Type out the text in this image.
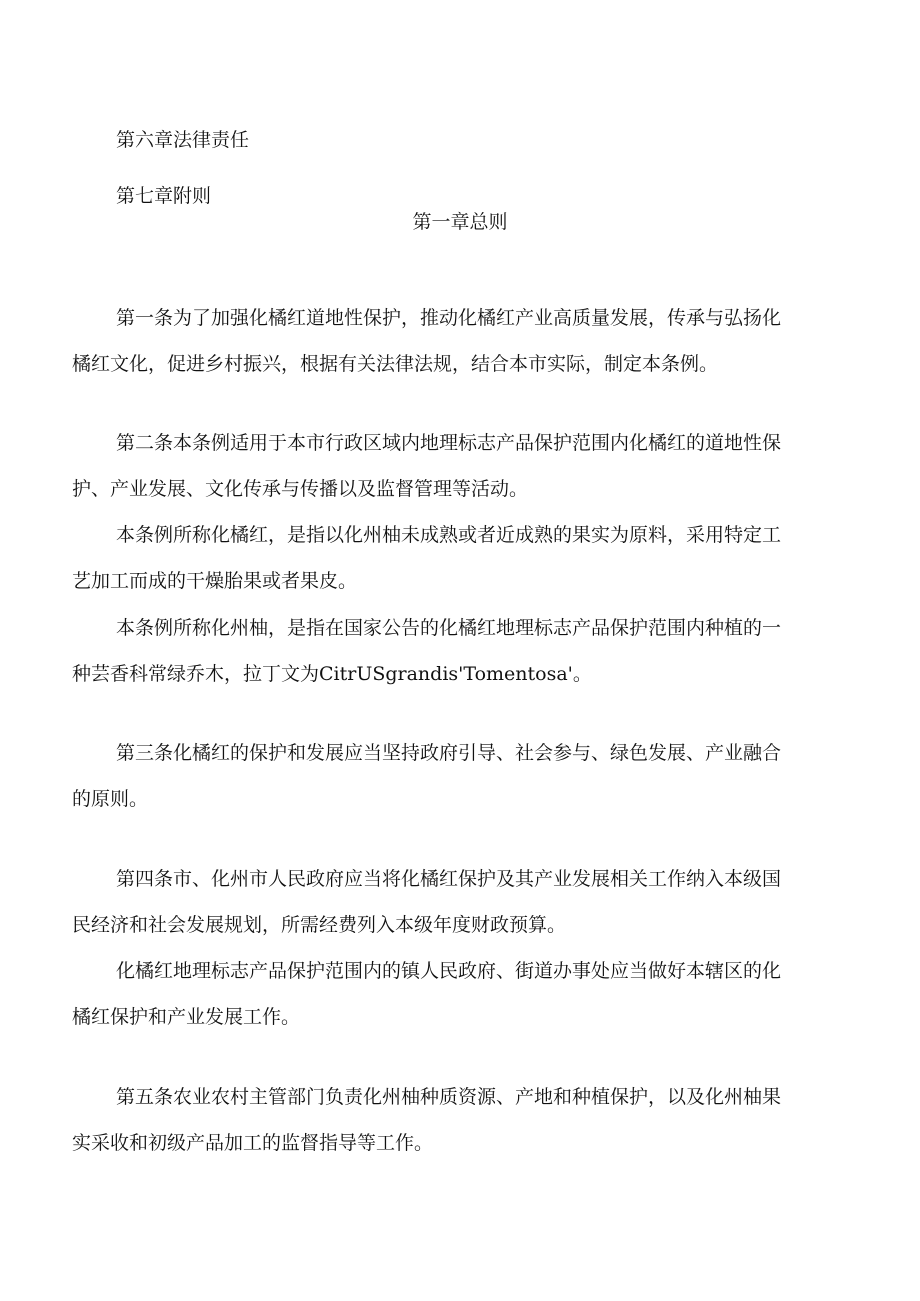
第六章法律责任
第七章附则
第一章总则
第一条为了加强化橘红道地性保护，推动化橘红产业高质量发展，传承与弘扬化
橘红文化，促进乡村振兴，根据有关法律法规，结合本市实际，制定本条例。
第二条本条例适用于本市行政区域内地理标志产品保护范围内化橘红的道地性保
护、产业发展、文化传承与传播以及监督管理等活动。
本条例所称化橘红，是指以化州柚未成熟或者近成熟的果实为原料，采用特定工
艺加工而成的干燥胎果或者果皮。
本条例所称化州柚，是指在国家公告的化橘红地理标志产品保护范围内种植的一
种芸香科常绿乔木，拉丁文为CitrUSgrandis'Tomentosa'。
第三条化橘红的保护和发展应当坚持政府引导、社会参与、绿色发展、产业融合
的原则。
第四条市、化州市人民政府应当将化橘红保护及其产业发展相关工作纳入本级国
民经济和社会发展规划，所需经费列入本级年度财政预算。
化橘红地理标志产品保护范围内的镇人民政府、街道办事处应当做好本辖区的化
橘红保护和产业发展工作。
第五条农业农村主管部门负责化州柚种质资源、产地和种植保护，以及化州柚果
实采收和初级产品加工的监督指导等工作。
